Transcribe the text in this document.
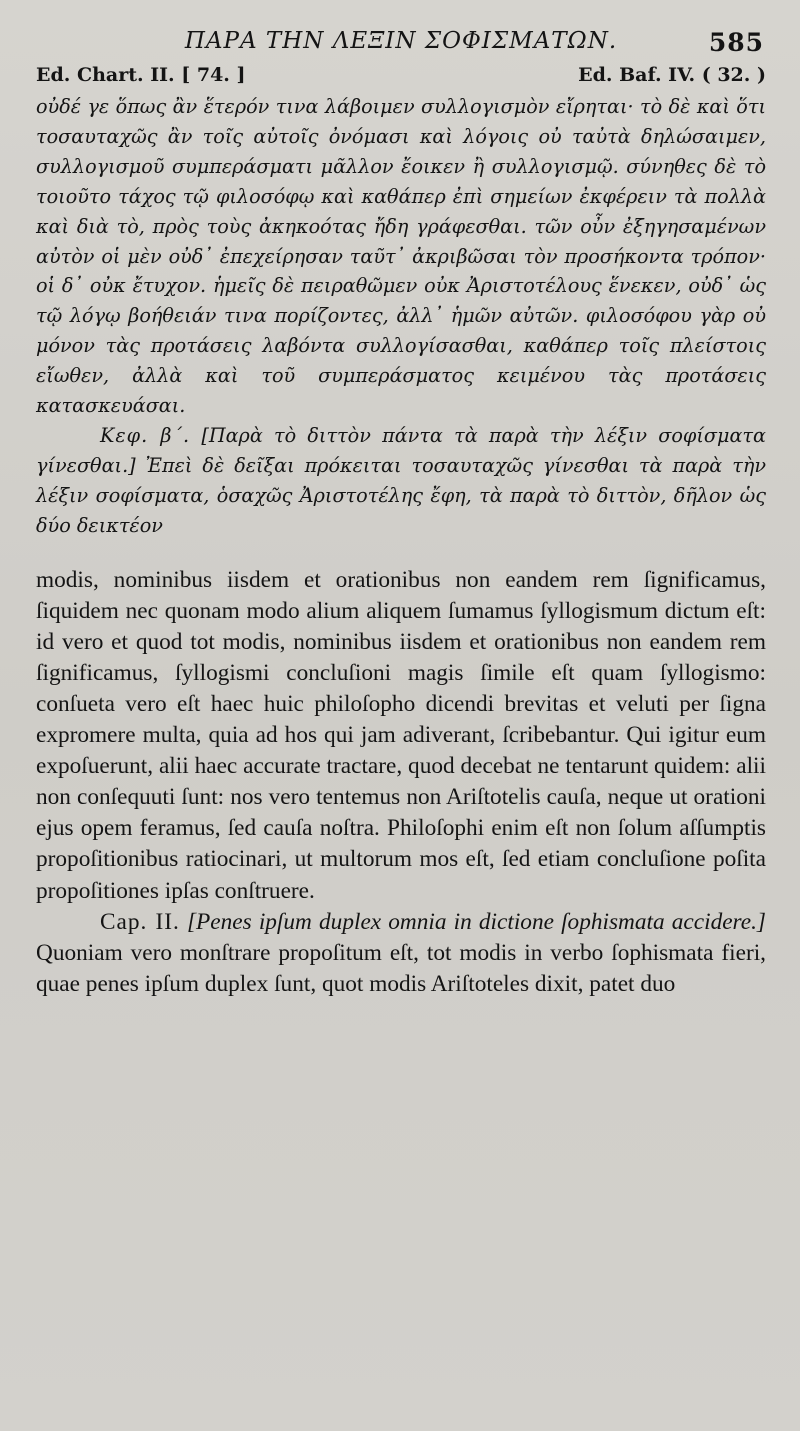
ΠΑΡΑ ΤΗΝ ΛΕΞΙΝ ΣΟΦΙΣΜΑΤΩΝ.	585
Ed. Chart. II. [ 74. ]	Ed. Baf. IV. ( 32. )

οὐδέ γε ὅπως ἂν ἕτερόν τινα λάβοιμεν συλλογισμὸν εἴρηται· τὸ δὲ καὶ ὅτι τοσαυταχῶς ἂν τοῖς αὐτοῖς ὀνόμασι καὶ λόγοις οὐ ταὐτὰ δηλώσαιμεν, συλλογισμοῦ συμπεράσματι μᾶλλον ἔοικεν ἢ συλλογισμῷ. σύνηθες δὲ τὸ τοιοῦτο τάχος τῷ φιλοσόφῳ καὶ καθάπερ ἐπὶ σημείων ἐκφέρειν τὰ πολλὰ καὶ διὰ τὸ, πρὸς τοὺς ἀκηκοότας ἤδη γράφεσθαι. τῶν οὖν ἐξηγησαμένων αὐτὸν οἱ μὲν οὐδ᾽ ἐπεχείρησαν ταῦτ᾽ ἀκριβῶσαι τὸν προσήκοντα τρόπον· οἱ δ᾽ οὐκ ἔτυχον. ἡμεῖς δὲ πειραθῶμεν οὐκ Ἀριστοτέλους ἕνεκεν, οὐδ᾽ ὡς τῷ λόγῳ βοήθειάν τινα πορίζοντες, ἀλλ᾽ ἡμῶν αὐτῶν. φιλοσόφου γὰρ οὐ μόνον τὰς προτάσεις λαβόντα συλλογίσασθαι, καθάπερ τοῖς πλείστοις εἴωθεν, ἀλλὰ καὶ τοῦ συμπεράσματος κειμένου τὰς προτάσεις κατασκευάσαι.

Κεφ. β΄. [Παρὰ τὸ διττὸν πάντα τὰ παρὰ τὴν λέξιν σοφίσματα γίνεσθαι.] Ἐπεὶ δὲ δεῖξαι πρόκειται τοσαυταχῶς γίνεσθαι τὰ παρὰ τὴν λέξιν σοφίσματα, ὁσαχῶς Ἀριστοτέλης ἔφη, τὰ παρὰ τὸ διττὸν, δῆλον ὡς δύο δεικτέον

modis, nominibus iisdem et orationibus non eandem rem ſignificamus, ſiquidem nec quonam modo alium aliquem ſumamus ſyllogismum dictum eſt: id vero et quod tot modis, nominibus iisdem et orationibus non eandem rem ſignificamus, ſyllogismi concluſioni magis ſimile eſt quam ſyllogismo: conſueta vero eſt haec huic philoſopho dicendi brevitas et veluti per ſigna expromere multa, quia ad hos qui jam adiverant, ſcribebantur. Qui igitur eum expoſuerunt, alii haec accurate tractare, quod decebat ne tentarunt quidem: alii non conſequuti ſunt: nos vero tentemus non Ariſtotelis cauſa, neque ut orationi ejus opem feramus, ſed cauſa noſtra. Philoſophi enim eſt non ſolum aſſumptis propoſitionibus ratiocinari, ut multorum mos eſt, ſed etiam concluſione poſita propoſitiones ipſas conſtruere.

Cap. II. [Penes ipſum duplex omnia in dictione ſophismata accidere.] Quoniam vero monſtrare propoſitum eſt, tot modis in verbo ſophismata fieri, quae penes ipſum duplex ſunt, quot modis Ariſtoteles dixit, patet duo
